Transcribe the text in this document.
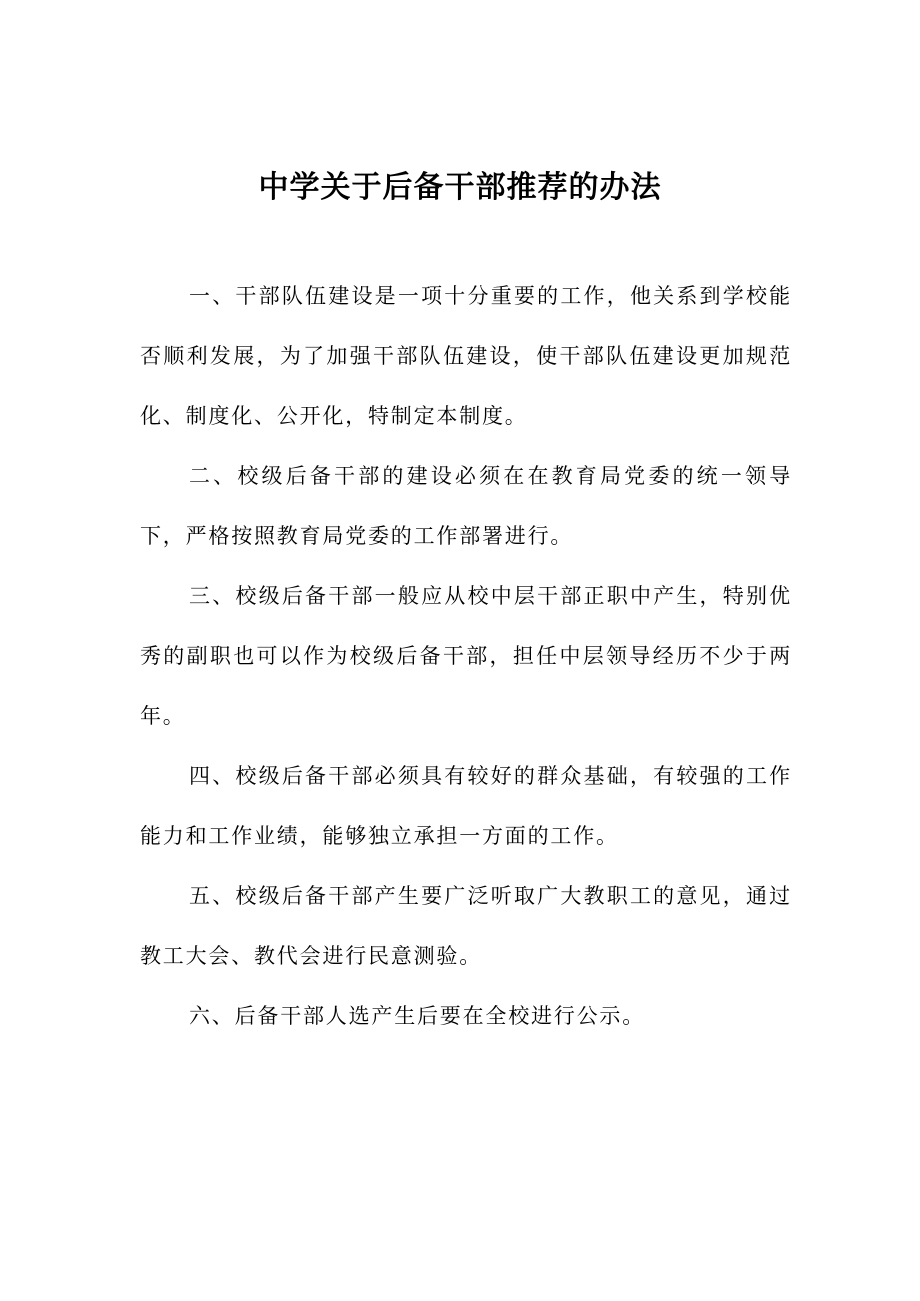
中学关于后备干部推荐的办法

一、干部队伍建设是一项十分重要的工作，他关系到学校能否顺利发展，为了加强干部队伍建设，使干部队伍建设更加规范化、制度化、公开化，特制定本制度。

二、校级后备干部的建设必须在在教育局党委的统一领导下，严格按照教育局党委的工作部署进行。

三、校级后备干部一般应从校中层干部正职中产生，特别优秀的副职也可以作为校级后备干部，担任中层领导经历不少于两年。

四、校级后备干部必须具有较好的群众基础，有较强的工作能力和工作业绩，能够独立承担一方面的工作。

五、校级后备干部产生要广泛听取广大教职工的意见，通过教工大会、教代会进行民意测验。

六、后备干部人选产生后要在全校进行公示。
